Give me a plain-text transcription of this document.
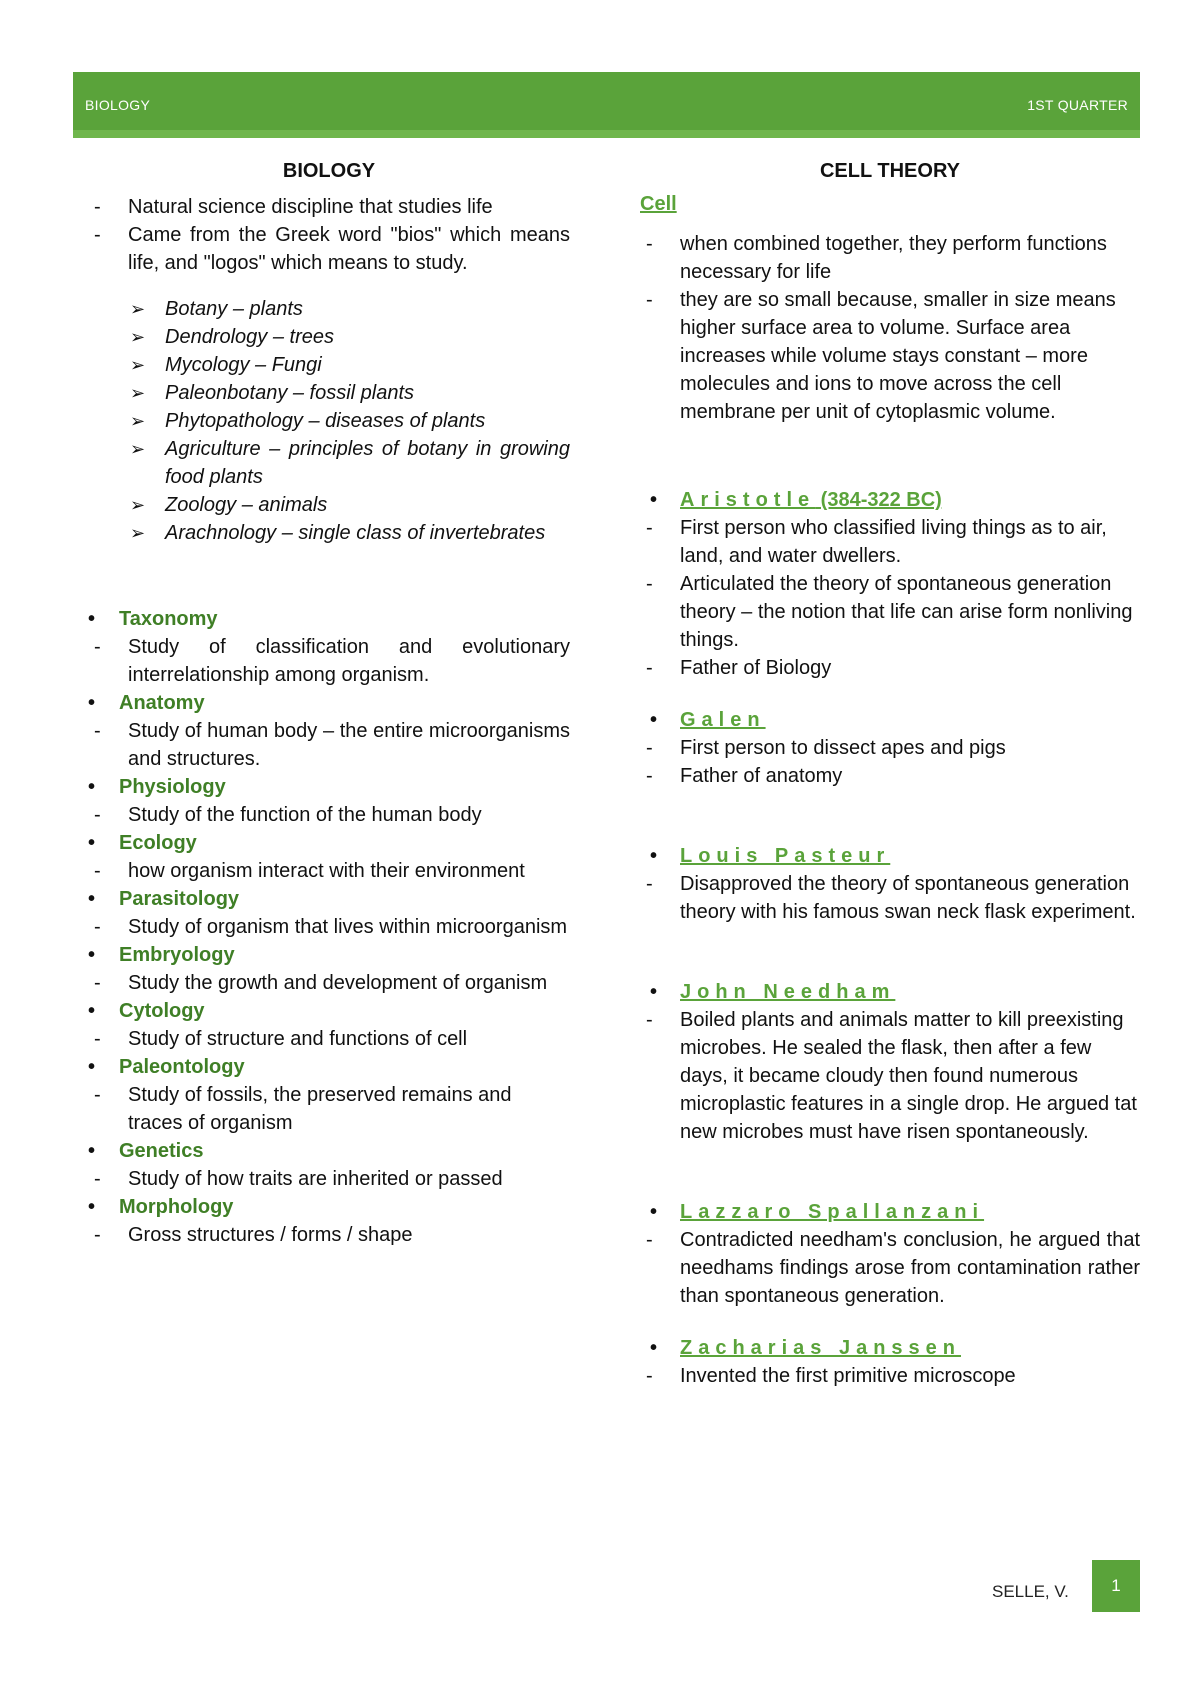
BIOLOGY	1ST QUARTER
BIOLOGY
- Natural science discipline that studies life
- Came from the Greek word "bios" which means life, and "logos" which means to study.
➢ Botany – plants
➢ Dendrology – trees
➢ Mycology – Fungi
➢ Paleonbotany – fossil plants
➢ Phytopathology – diseases of plants
➢ Agriculture – principles of botany in growing food plants
➢ Zoology – animals
➢ Arachnology – single class of invertebrates
• Taxonomy
- Study of classification and evolutionary interrelationship among organism.
• Anatomy
- Study of human body – the entire microorganisms and structures.
• Physiology
- Study of the function of the human body
• Ecology
- how organism interact with their environment
• Parasitology
- Study of organism that lives within microorganism
• Embryology
- Study the growth and development of organism
• Cytology
- Study of structure and functions of cell
• Paleontology
- Study of fossils, the preserved remains and traces of organism
• Genetics
- Study of how traits are inherited or passed
• Morphology
- Gross structures / forms / shape
CELL THEORY
Cell
- when combined together, they perform functions necessary for life
- they are so small because, smaller in size means higher surface area to volume. Surface area increases while volume stays constant – more molecules and ions to move across the cell membrane per unit of cytoplasmic volume.
• Aristotle (384-322 BC)
- First person who classified living things as to air, land, and water dwellers.
- Articulated the theory of spontaneous generation theory – the notion that life can arise form nonliving things.
- Father of Biology
• Galen
- First person to dissect apes and pigs
- Father of anatomy
• Louis Pasteur
- Disapproved the theory of spontaneous generation theory with his famous swan neck flask experiment.
• John Needham
- Boiled plants and animals matter to kill preexisting microbes. He sealed the flask, then after a few days, it became cloudy then found numerous microplastic features in a single drop. He argued tat new microbes must have risen spontaneously.
• Lazzaro Spallanzani
- Contradicted needham's conclusion, he argued that needhams findings arose from contamination rather than spontaneous generation.
• Zacharias Janssen
- Invented the first primitive microscope
SELLE, V.	1
